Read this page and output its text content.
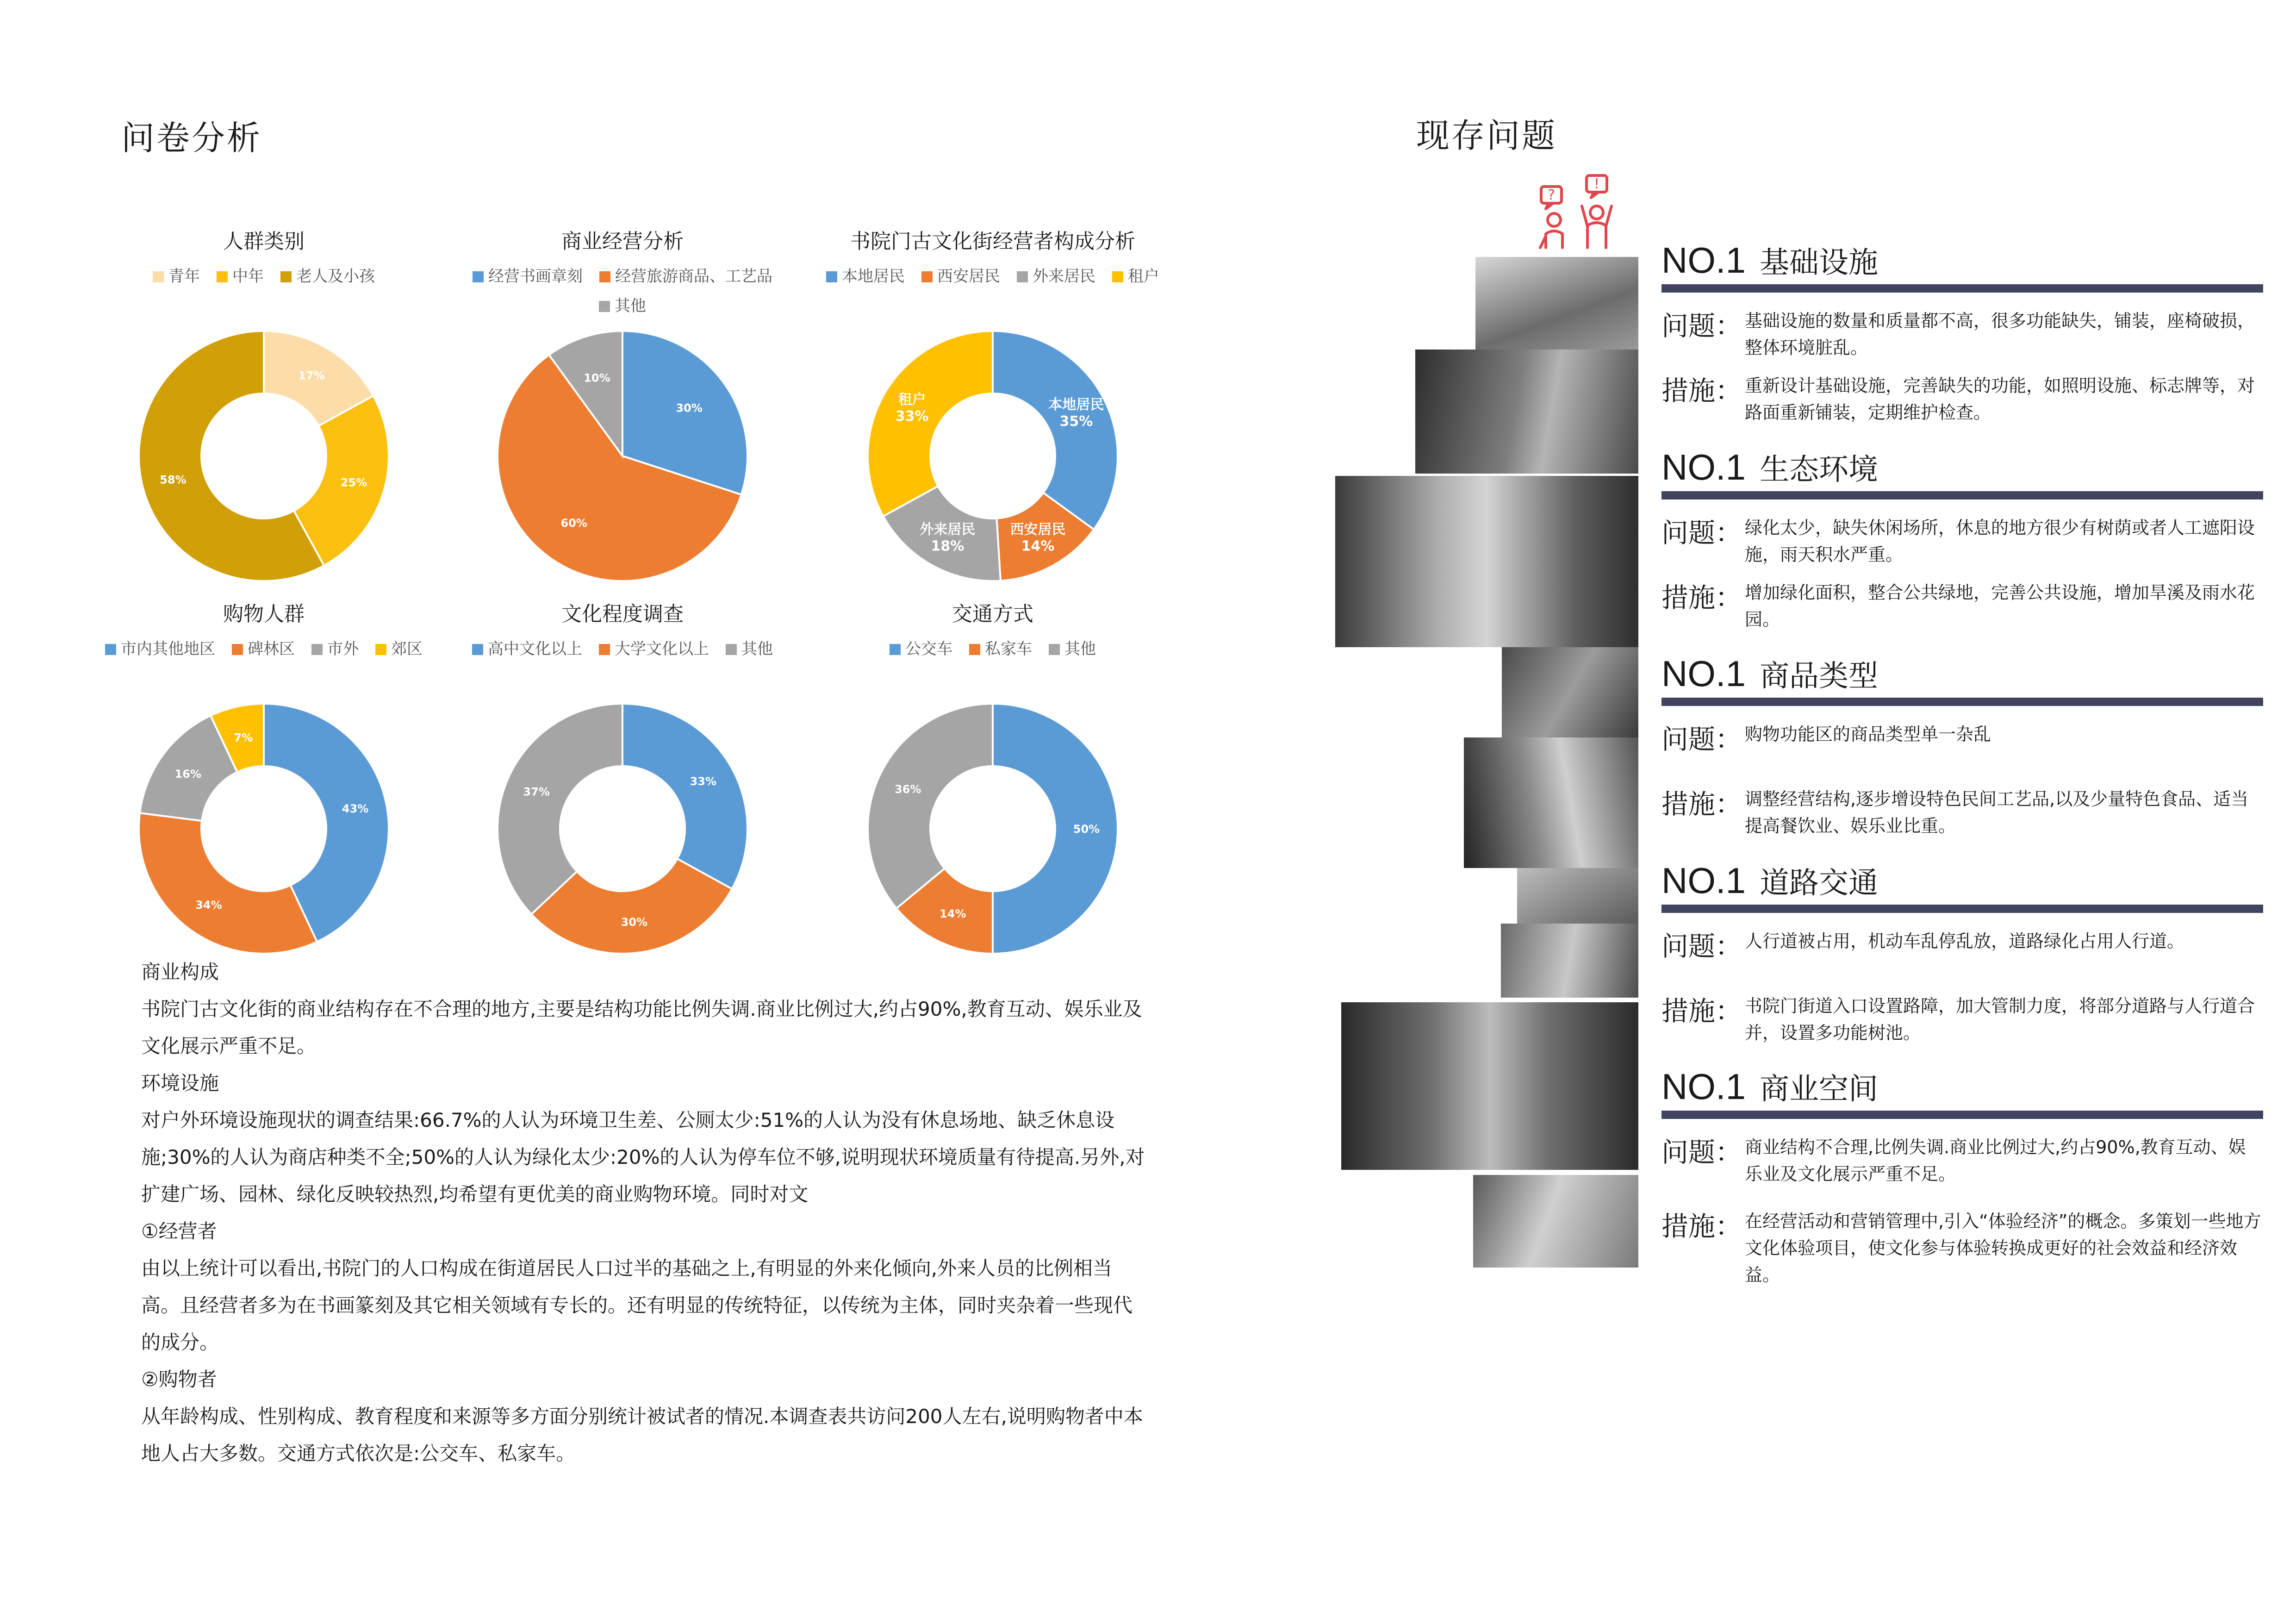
问卷分析
人群类别
青年 中年 老人及小孩
17%
25%
58%
商业经营分析
经营书画章刻 经营旅游商品、工艺品其他
30%
60%
10%
书院门古文化街经营者构成分析
本地居民 西安居民 外来居民 租户
本地居民 35%
西安居民 14%
外来居民 18%
租户 33%
购物人群
市内其他地区 碑林区 市外 郊区
43%
34%
16%
7%
文化程度调查
高中文化以上 大学文化以上 其他
33%
30%
37%
交通方式
公交车 私家车 其他
50%
14%
36%

商业构成

书院门古文化街的商业结构存在不合理的地方,主要是结构功能比例失调.商业比例过大,约占90%,教育互动、娱乐业及文化展示严重不足。

环境设施

对户外环境设施现状的调查结果:66.7%的人认为环境卫生差、公厕太少:51%的人认为没有休息场地、缺乏休息设施;30%的人认为商店种类不全;50%的人认为绿化太少:20%的人认为停车位不够,说明现状环境质量有待提高.另外,对扩建广场、园林、绿化反映较热烈,均希望有更优美的商业购物环境。同时对文

①经营者

由以上统计可以看出,书院门的人口构成在街道居民人口过半的基础之上,有明显的外来化倾向,外来人员的比例相当高。且经营者多为在书画篆刻及其它相关领域有专长的。还有明显的传统特征，以传统为主体，同时夹杂着一些现代的成分。

②购物者

从年龄构成、性别构成、教育程度和来源等多方面分别统计被试者的情况.本调查表共访问200人左右,说明购物者中本地人占大多数。交通方式依次是:公交车、私家车。

现存问题
?
!
NO.1 基础设施
问题： 基础设施的数量和质量都不高，很多功能缺失，铺装，座椅破损，整体环境脏乱。
措施： 重新设计基础设施，完善缺失的功能，如照明设施、标志牌等，对路面重新铺装，定期维护检查。
NO.1 生态环境
问题： 绿化太少，缺失休闲场所，休息的地方很少有树荫或者人工遮阳设施，雨天积水严重。
措施： 增加绿化面积，整合公共绿地，完善公共设施，增加旱溪及雨水花园。
NO.1 商品类型
问题： 购物功能区的商品类型单一杂乱
措施： 调整经营结构,逐步增设特色民间工艺品,以及少量特色食品、适当提高餐饮业、娱乐业比重。
NO.1 道路交通
问题： 人行道被占用，机动车乱停乱放，道路绿化占用人行道。
措施： 书院门街道入口设置路障，加大管制力度，将部分道路与人行道合并，设置多功能树池。
NO.1 商业空间
问题： 商业结构不合理,比例失调.商业比例过大,约占90%,教育互动、娱乐业及文化展示严重不足。
措施： 在经营活动和营销管理中,引入“体验经济”的概念。多策划一些地方文化体验项目，使文化参与体验转换成更好的社会效益和经济效益。
